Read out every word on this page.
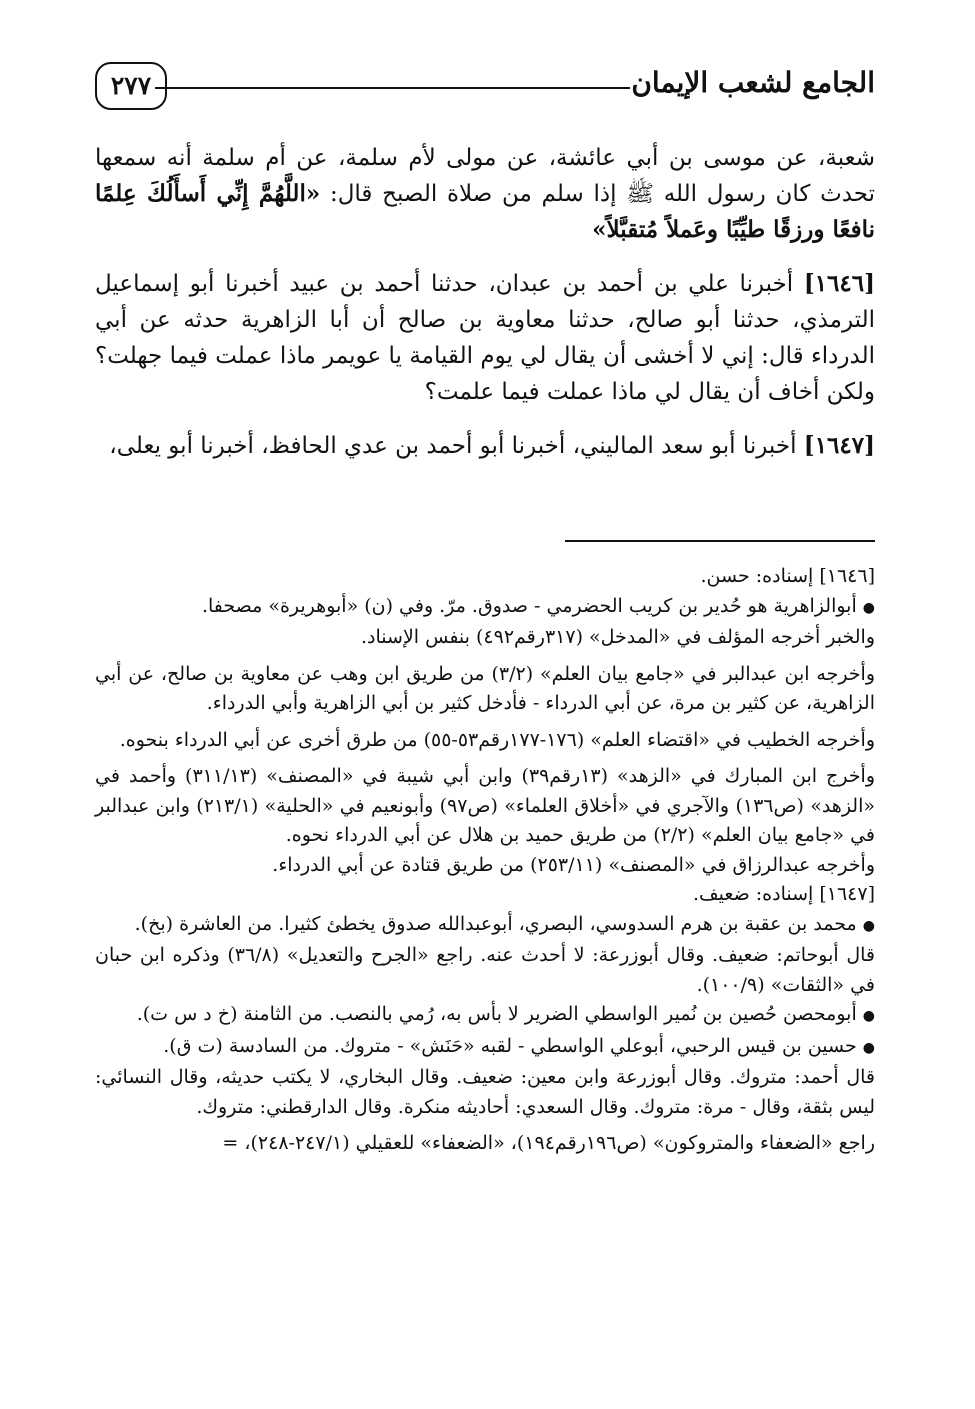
الجامع لشعب الإيمان
٢٧٧

شعبة، عن موسى بن أبي عائشة، عن مولى لأم سلمة، عن أم سلمة أنه سمعها تحدث كان رسول الله ﷺ إذا سلم من صلاة الصبح قال: «اللَّهُمَّ إِنِّي أَسأَلُكَ عِلمًا نافعًا ورزقًا طيِّبًا وعَملاً مُتقبَّلاً»

[١٦٤٦] أخبرنا علي بن أحمد بن عبدان، حدثنا أحمد بن عبيد أخبرنا أبو إسماعيل الترمذي، حدثنا أبو صالح، حدثنا معاوية بن صالح أن أبا الزاهرية حدثه عن أبي الدرداء قال: إني لا أخشى أن يقال لي يوم القيامة يا عويمر ماذا عملت فيما جهلت؟ ولكن أخاف أن يقال لي ماذا عملت فيما علمت؟

[١٦٤٧] أخبرنا أبو سعد الماليني، أخبرنا أبو أحمد بن عدي الحافظ، أخبرنا أبو يعلى،

[١٦٤٦] إسناده: حسن.

● أبوالزاهرية هو حُدير بن كريب الحضرمي - صدوق. مرّ. وفي (ن) «أبوهريرة» مصحفا.

والخبر أخرجه المؤلف في «المدخل» (٣١٧رقم٤٩٢) بنفس الإسناد.

وأخرجه ابن عبدالبر في «جامع بيان العلم» (٣/٢) من طريق ابن وهب عن معاوية بن صالح، عن أبي الزاهرية، عن كثير بن مرة، عن أبي الدرداء - فأدخل كثير بن أبي الزاهرية وأبي الدرداء.

وأخرجه الخطيب في «اقتضاء العلم» (١٧٦-١٧٧رقم٥٣-٥٥) من طرق أخرى عن أبي الدرداء بنحوه.

وأخرج ابن المبارك في «الزهد» (١٣رقم٣٩) وابن أبي شيبة في «المصنف» (٣١١/١٣) وأحمد في «الزهد» (ص١٣٦) والآجري في «أخلاق العلماء» (ص٩٧) وأبونعيم في «الحلية» (٢١٣/١) وابن عبدالبر في «جامع بيان العلم» (٢/٢) من طريق حميد بن هلال عن أبي الدرداء نحوه.

وأخرجه عبدالرزاق في «المصنف» (٢٥٣/١١) من طريق قتادة عن أبي الدرداء.

[١٦٤٧] إسناده: ضعيف.

● محمد بن عقبة بن هرم السدوسي، البصري، أبوعبدالله صدوق يخطئ كثيرا. من العاشرة (بخ).

قال أبوحاتم: ضعيف. وقال أبوزرعة: لا أحدث عنه. راجع «الجرح والتعديل» (٣٦/٨) وذكره ابن حبان في «الثقات» (١٠٠/٩).

● أبومحصن حُصين بن نُمير الواسطي الضرير لا بأس به، رُمي بالنصب. من الثامنة (خ د س ت).

● حسين بن قيس الرحبي، أبوعلي الواسطي - لقبه «حَنَش» - متروك. من السادسة (ت ق).

قال أحمد: متروك. وقال أبوزرعة وابن معين: ضعيف. وقال البخاري، لا يكتب حديثه، وقال النسائي: ليس بثقة، وقال - مرة: متروك. وقال السعدي: أحاديثه منكرة. وقال الدارقطني: متروك.

راجع «الضعفاء والمتروكون» (ص١٩٦رقم١٩٤)، «الضعفاء» للعقيلي (٢٤٧/١-٢٤٨)، =
